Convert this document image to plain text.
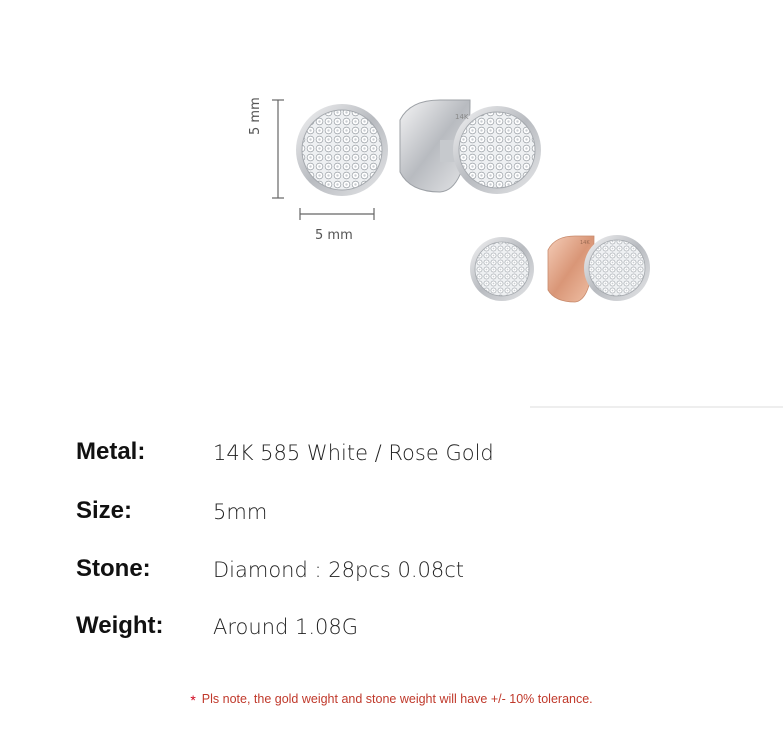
14K
14K
5 mm
5 mm
Metal:	14K 585 White / Rose Gold
Size:	5mm
Stone:	Diamond : 28pcs 0.08ct
Weight: Around 1.08G
* Pls note, the gold weight and stone weight will have +/- 10% tolerance.
